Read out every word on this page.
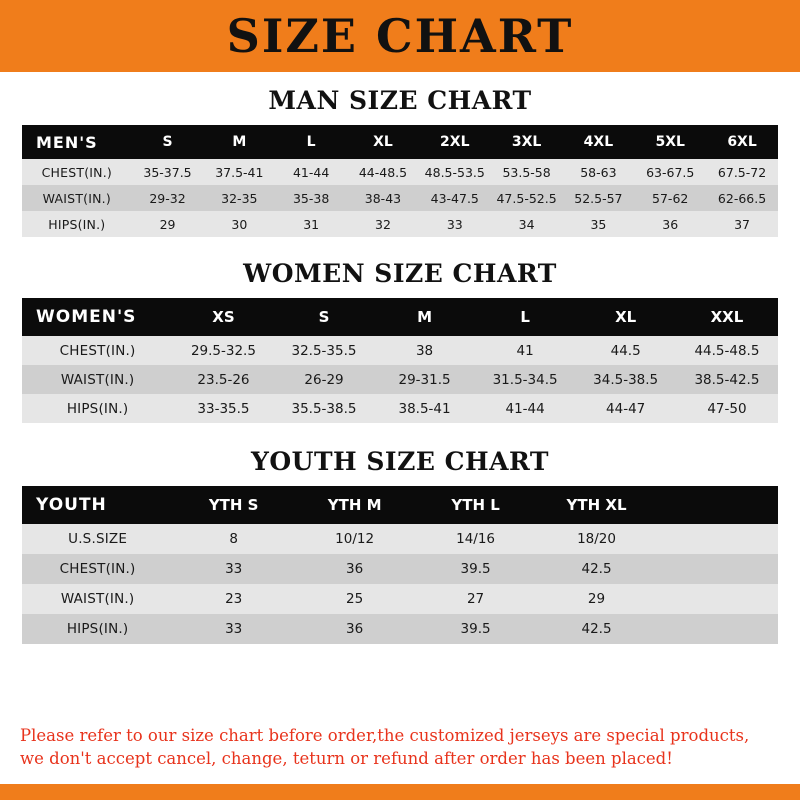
SIZE CHART
MAN SIZE CHART
MEN'S	S	M	L	XL	2XL	3XL	4XL	5XL	6XL
CHEST(IN.)	35-37.5	37.5-41	41-44	44-48.5	48.5-53.5	53.5-58	58-63	63-67.5	67.5-72
WAIST(IN.)	29-32	32-35	35-38	38-43	43-47.5	47.5-52.5	52.5-57	57-62	62-66.5
HIPS(IN.)	29	30	31	32	33	34	35	36	37
WOMEN SIZE CHART
WOMEN'S	XS	S	M	L	XL	XXL
CHEST(IN.)	29.5-32.5	32.5-35.5	38	41	44.5	44.5-48.5
WAIST(IN.)	23.5-26	26-29	29-31.5	31.5-34.5	34.5-38.5	38.5-42.5
HIPS(IN.)	33-35.5	35.5-38.5	38.5-41	41-44	44-47	47-50
YOUTH SIZE CHART
YOUTH	YTH S	YTH M	YTH L	YTH XL	
U.S.SIZE	8	10/12	14/16	18/20	
CHEST(IN.)	33	36	39.5	42.5	
WAIST(IN.)	23	25	27	29	
HIPS(IN.)	33	36	39.5	42.5	
Please refer to our size chart before order,the customized jerseys are special products,
we don't accept cancel, change, teturn or refund after order has been placed!
